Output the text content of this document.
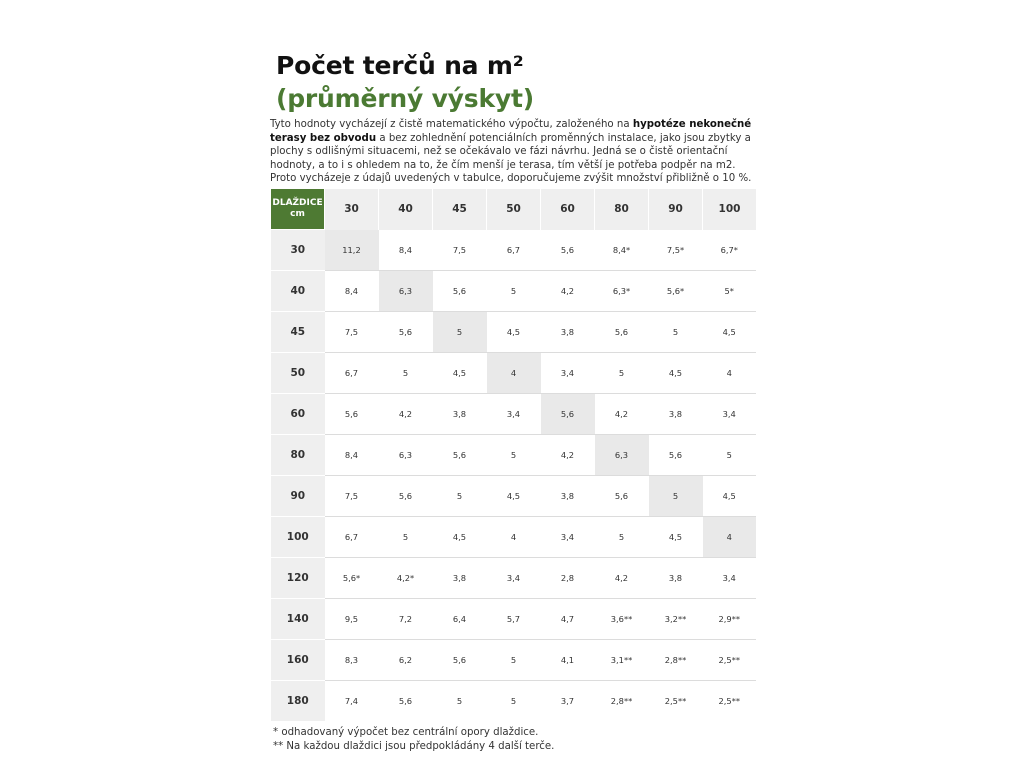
Počet terčů na m²
(průměrný výskyt)

Tyto hodnoty vycházejí z čistě matematického výpočtu, založeného na hypotéze nekonečné terasy bez obvodu a bez zohlednění potenciálních proměnných instalace, jako jsou zbytky a plochy s odlišnými situacemi, než se očekávalo ve fázi návrhu. Jedná se o čistě orientační hodnoty, a to i s ohledem na to, že čím menší je terasa, tím větší je potřeba podpěr na m2. Proto vycházeje z údajů uvedených v tabulce, doporučujeme zvýšit množství přibližně o 10 %.

DLAŽDICE
cm	30	40	45	50	60	80	90	100
30	11,2	8,4	7,5	6,7	5,6	8,4*	7,5*	6,7*
40	8,4	6,3	5,6	5	4,2	6,3*	5,6*	5*
45	7,5	5,6	5	4,5	3,8	5,6	5	4,5
50	6,7	5	4,5	4	3,4	5	4,5	4
60	5,6	4,2	3,8	3,4	5,6	4,2	3,8	3,4
80	8,4	6,3	5,6	5	4,2	6,3	5,6	5
90	7,5	5,6	5	4,5	3,8	5,6	5	4,5
100	6,7	5	4,5	4	3,4	5	4,5	4
120	5,6*	4,2*	3,8	3,4	2,8	4,2	3,8	3,4
140	9,5	7,2	6,4	5,7	4,7	3,6**	3,2**	2,9**
160	8,3	6,2	5,6	5	4,1	3,1**	2,8**	2,5**
180	7,4	5,6	5	5	3,7	2,8**	2,5**	2,5**
* odhadovaný výpočet bez centrální opory dlaždice.
** Na každou dlaždici jsou předpokládány 4 další terče.
